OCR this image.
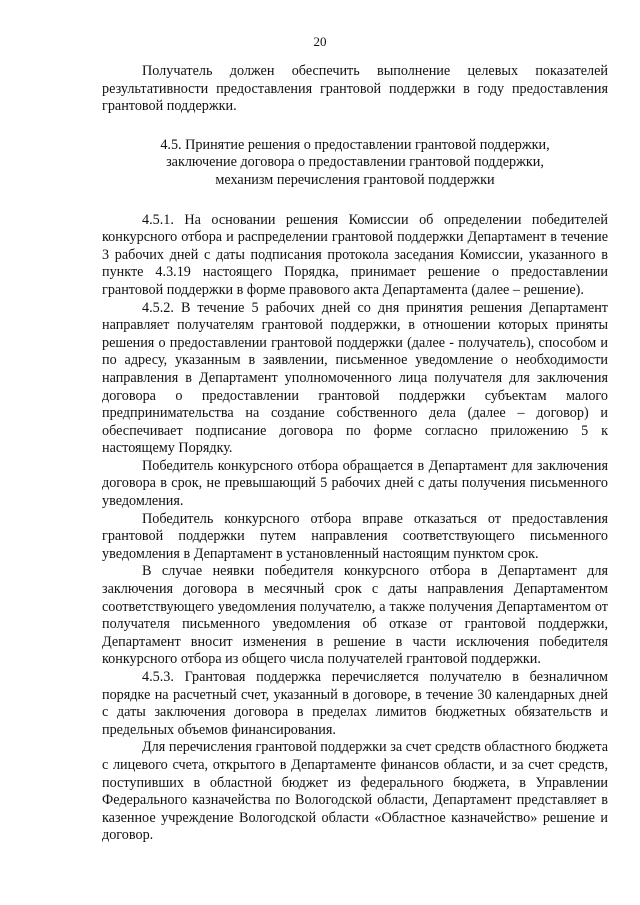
20

Получатель должен обеспечить выполнение целевых показателей результативности предоставления грантовой поддержки в году предоставления грантовой поддержки.

4.5. Принятие решения о предоставлении грантовой поддержки,
заключение договора о предоставлении грантовой поддержки,
механизм перечисления грантовой поддержки

4.5.1. На основании решения Комиссии об определении победителей конкурсного отбора и распределении грантовой поддержки Департамент в течение 3 рабочих дней с даты подписания протокола заседания Комиссии, указанного в пункте 4.3.19 настоящего Порядка, принимает решение о предоставлении грантовой поддержки в форме правового акта Департамента (далее – решение).

4.5.2. В течение 5 рабочих дней со дня принятия решения Департамент направляет получателям грантовой поддержки, в отношении которых приняты решения о предоставлении грантовой поддержки (далее - получатель), способом и по адресу, указанным в заявлении, письменное уведомление о необходимости направления в Департамент уполномоченного лица получателя для заключения договора о предоставлении грантовой поддержки субъектам малого предпринимательства на создание собственного дела (далее – договор) и обеспечивает подписание договора по форме согласно приложению 5 к настоящему Порядку.

Победитель конкурсного отбора обращается в Департамент для заключения договора в срок, не превышающий 5 рабочих дней с даты получения письменного уведомления.

Победитель конкурсного отбора вправе отказаться от предоставления грантовой поддержки путем направления соответствующего письменного уведомления в Департамент в установленный настоящим пунктом срок.

В случае неявки победителя конкурсного отбора в Департамент для заключения договора в месячный срок с даты направления Департаментом соответствующего уведомления получателю, а также получения Департаментом от получателя письменного уведомления об отказе от грантовой поддержки, Департамент вносит изменения в решение в части исключения победителя конкурсного отбора из общего числа получателей грантовой поддержки.

4.5.3. Грантовая поддержка перечисляется получателю в безналичном порядке на расчетный счет, указанный в договоре, в течение 30 календарных дней с даты заключения договора в пределах лимитов бюджетных обязательств и предельных объемов финансирования.

Для перечисления грантовой поддержки за счет средств областного бюджета с лицевого счета, открытого в Департаменте финансов области, и за счет средств, поступивших в областной бюджет из федерального бюджета, в Управлении Федерального казначейства по Вологодской области, Департамент представляет в казенное учреждение Вологодской области «Областное казначейство» решение и договор.
